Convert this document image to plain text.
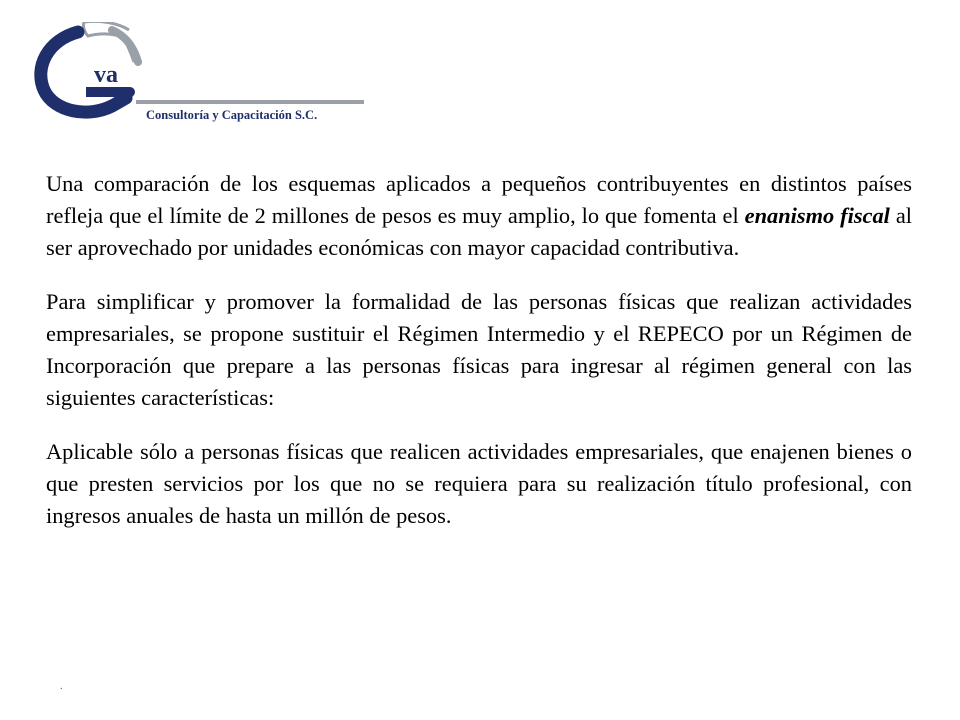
va
Consultoría y Capacitación S.C.

Una comparación de los esquemas aplicados a pequeños contribuyentes en distintos países refleja que el límite de 2 millones de pesos es muy amplio, lo que fomenta el enanismo fiscal al ser aprovechado por unidades económicas con mayor capacidad contributiva.

Para simplificar y promover la formalidad de las personas físicas que realizan actividades empresariales, se propone sustituir el Régimen Intermedio y el REPECO por un Régimen de Incorporación que prepare a las personas físicas para ingresar al régimen general con las siguientes características:

Aplicable sólo a personas físicas que realicen actividades empresariales, que enajenen bienes o que presten servicios por los que no se requiera para su realización título profesional, con ingresos anuales de hasta un millón de pesos.

.
